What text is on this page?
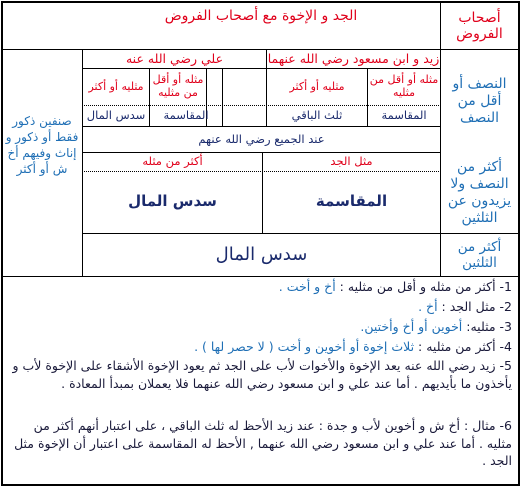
الجد و الإخوة مع أصحاب الفروض	أصحاب الفروض
النصف أو أقل من النصف
زيد و ابن مسعود رضي الله عنهما
علي رضي الله عنه
مثله أو أقل من مثليه
مثليه أو أكثر
مثله أو أقل من مثليه
مثليه أو أكثر
المقاسمة
ثلث الباقي
المقاسمة
سدس المال
عند الجميع رضي الله عنهم
صنفين ذكور فقط أو ذكور و إناث وفيهم أخ ش أو أكثر	أكثر من النصف ولا يزيدون عن الثلثين
مثل الجد
أكثر من مثله
المقاسمة
سدس المال
أكثر من الثلثين
سدس المال
1- أكثر من مثله و أقل من مثليه : أخ و أخت .
2- مثل الجد : أخ .
3- مثليه: أخوين أو أخ وأختين.
4- أكثر من مثليه : ثلاث إخوة أو أخوين و أخت ( لا حصر لها ) .
5- زيد رضي الله عنه يعد الإخوة والأخوات لأب على الجد ثم يعود الإخوة الأشقاء على الإخوة لأب و يأخذون ما بأيديهم . أما عند علي و ابن مسعود رضي الله عنهما فلا يعملان بمبدأ المعادة .
6- مثال : أخ ش و أخوين لأب و جدة : عند زيد الأحظ له ثلث الباقي ، على اعتبار أنهم أكثر من مثليه . أما عند علي و ابن مسعود رضي الله عنهما , الأحظ له المقاسمة على اعتبار أن الإخوة مثل الجد .
